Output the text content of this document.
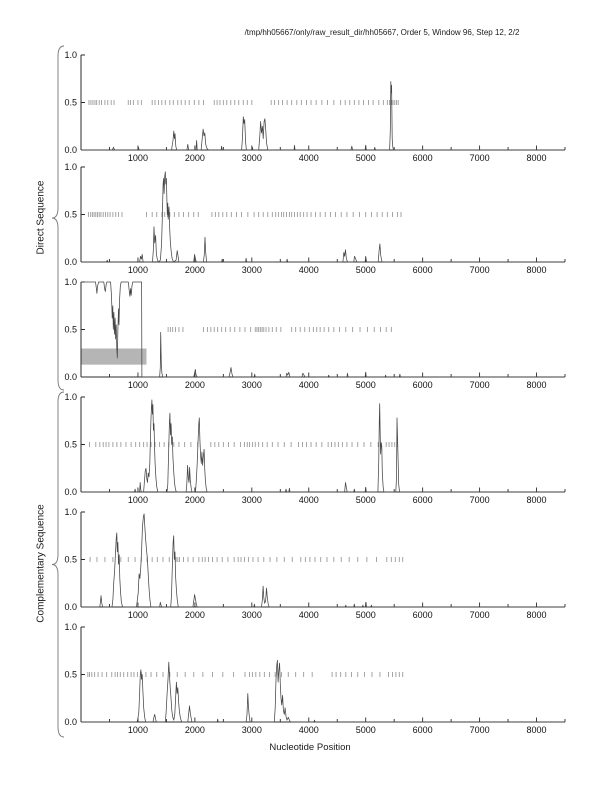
/tmp/hh05667/only/raw_result_dir/hh05667, Order 5, Window 96, Step 12, 2/2
0.0
0.5
1.0
1000	2000	3000	4000	5000	6000	7000	8000
0.0
0.5
1.0
1000	2000	3000	4000	5000	6000	7000	8000
0.0
0.5
1.0
1000	2000	3000	4000	5000	6000	7000	8000
0.0
0.5
1.0
1000	2000	3000	4000	5000	6000	7000	8000
0.0
0.5
1.0
1000	2000	3000	4000	5000	6000	7000	8000
0.0
0.5
1.0
1000	2000	3000	4000	5000	6000	7000	8000
Direct Sequence
Complementary Sequence
Nucleotide Position
